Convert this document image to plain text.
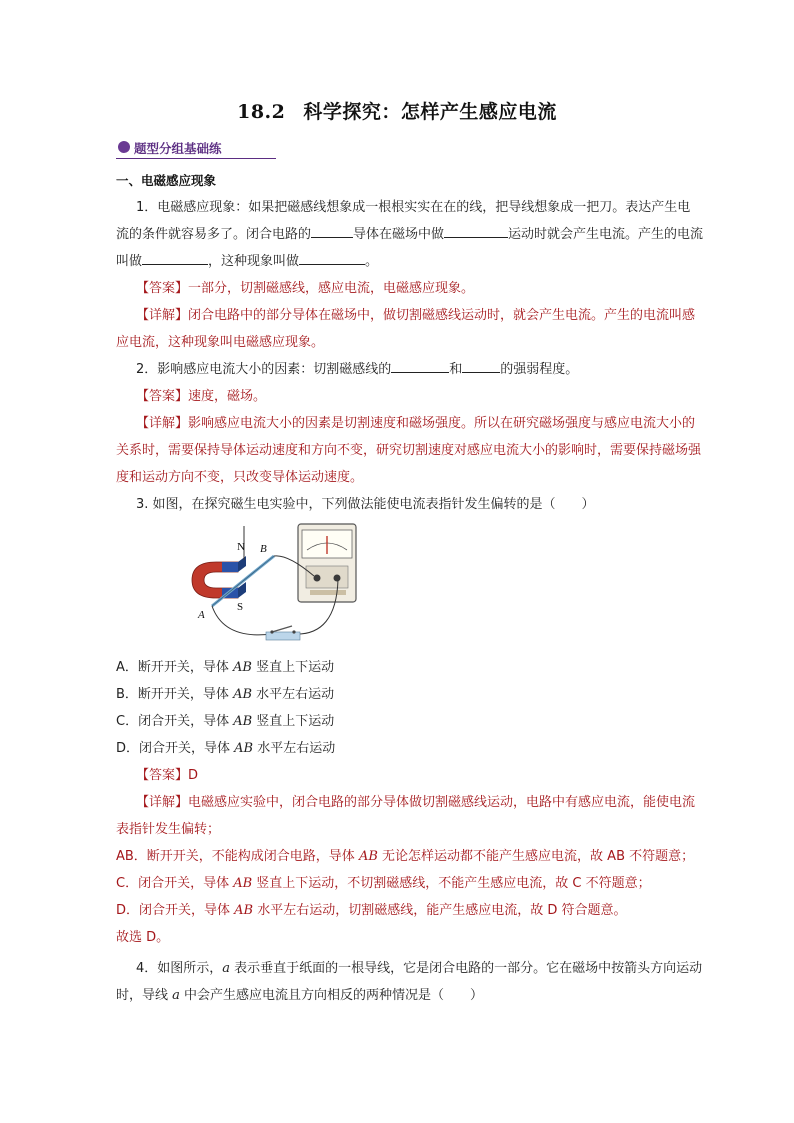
18.2 科学探究：怎样产生感应电流
题型分组基础练
一、电磁感应现象
1．电磁感应现象：如果把磁感线想象成一根根实实在在的线，把导线想象成一把刀。表达产生电
流的条件就容易多了。闭合电路的	导体在磁场中做	运动时就会产生电流。产生的电流
叫做	，这种现象叫做	。
【答案】一部分，切割磁感线，感应电流，电磁感应现象。
【详解】闭合电路中的部分导体在磁场中，做切割磁感线运动时，就会产生电流。产生的电流叫感
应电流，这种现象叫电磁感应现象。
2．影响感应电流大小的因素：切割磁感线的	和	的强弱程度。
【答案】速度，磁场。
【详解】影响感应电流大小的因素是切割速度和磁场强度。所以在研究磁场强度与感应电流大小的
关系时，需要保持导体运动速度和方向不变，研究切割速度对感应电流大小的影响时，需要保持磁场强
度和运动方向不变，只改变导体运动速度。
3. 如图，在探究磁生电实验中，下列做法能使电流表指针发生偏转的是（　　）
N
S
A
B
A．断开开关，导体 AB 竖直上下运动
B．断开开关，导体 AB 水平左右运动
C．闭合开关，导体 AB 竖直上下运动
D．闭合开关，导体 AB 水平左右运动
【答案】D
【详解】电磁感应实验中，闭合电路的部分导体做切割磁感线运动，电路中有感应电流，能使电流
表指针发生偏转；
AB．断开开关，不能构成闭合电路，导体 AB 无论怎样运动都不能产生感应电流，故 AB 不符题意；
C．闭合开关，导体 AB 竖直上下运动，不切割磁感线，不能产生感应电流，故 C 不符题意；
D．闭合开关，导体 AB 水平左右运动，切割磁感线，能产生感应电流，故 D 符合题意。
故选 D。
4．如图所示，a 表示垂直于纸面的一根导线，它是闭合电路的一部分。它在磁场中按箭头方向运动
时，导线 a 中会产生感应电流且方向相反的两种情况是（　　）
